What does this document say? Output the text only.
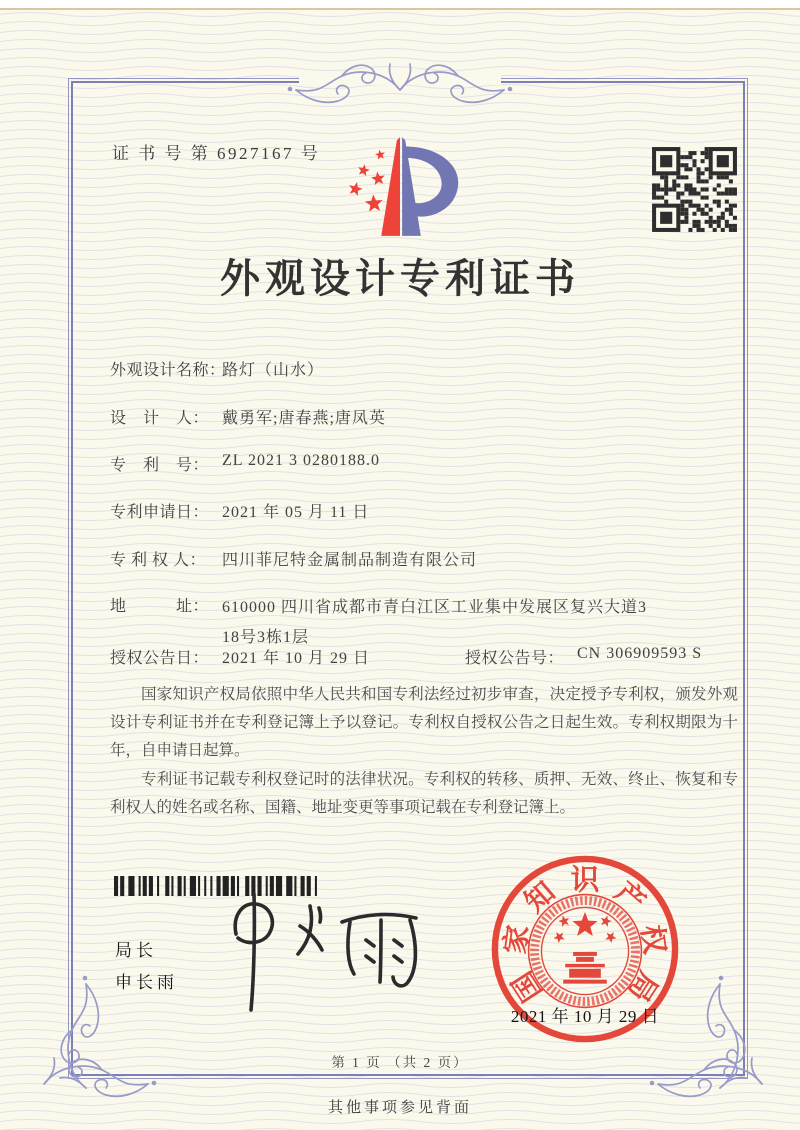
证 书 号 第 6927167 号
外观设计专利证书
外观设计名称：路灯（山水）
设　计　人： 戴勇军;唐春燕;唐凤英
专　利　号： ZL 2021 3 0280188.0
专利申请日： 2021 年 05 月 11 日
专 利 权 人： 四川菲尼特金属制品制造有限公司
地　　　址： 610000 四川省成都市青白江区工业集中发展区复兴大道3
18号3栋1层
授权公告日： 2021 年 10 月 29 日	授权公告号： CN 306909593 S

国家知识产权局依照中华人民共和国专利法经过初步审查，决定授予专利权，颁发外观设计专利证书并在专利登记簿上予以登记。专利权自授权公告之日起生效。专利权期限为十年，自申请日起算。

专利证书记载专利权登记时的法律状况。专利权的转移、质押、无效、终止、恢复和专利权人的姓名或名称、国籍、地址变更等事项记载在专利登记簿上。

局长
申长雨	国
家
知 识 产
权
局
2021 年 10 月 29 日
第 1 页 （共 2 页）
其他事项参见背面
